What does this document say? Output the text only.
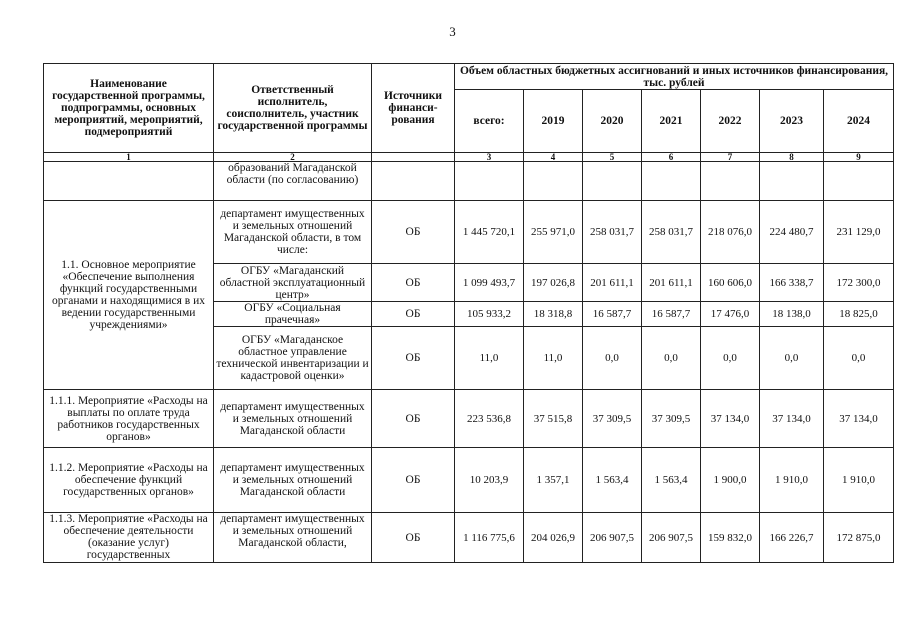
3
Наименование государственной программы, подпрограммы, основных мероприятий, мероприятий, подмероприятий	Ответственный исполнитель, соисполнитель, участник государственной программы	Источники финанси-рования	Объем областных бюджетных ассигнований и иных источников финансирования, тыс. рублей						
			всего:	2019	2020	2021	2022	2023	2024
1	2		3	4	5	6	7	8	9
	образований Магаданской области (по согласованию)								
1.1. Основное мероприятие «Обеспечение выполнения функций государственными органами и находящимися в их ведении государственными учреждениями»	департамент имущественных и земельных отношений Магаданской области, в том числе:	ОБ	1 445 720,1	255 971,0	258 031,7	258 031,7	218 076,0	224 480,7	231 129,0
	ОГБУ «Магаданский областной эксплуатационный центр»	ОБ	1 099 493,7	197 026,8	201 611,1	201 611,1	160 606,0	166 338,7	172 300,0
	ОГБУ «Социальная прачечная»	ОБ	105 933,2	18 318,8	16 587,7	16 587,7	17 476,0	18 138,0	18 825,0
	ОГБУ «Магаданское областное управление технической инвентаризации и кадастровой оценки»	ОБ	11,0	11,0	0,0	0,0	0,0	0,0	0,0
1.1.1. Мероприятие «Расходы на выплаты по оплате труда работников государственных органов»	департамент имущественных и земельных отношений Магаданской области	ОБ	223 536,8	37 515,8	37 309,5	37 309,5	37 134,0	37 134,0	37 134,0
1.1.2. Мероприятие «Расходы на обеспечение функций государственных органов»	департамент имущественных и земельных отношений Магаданской области	ОБ	10 203,9	1 357,1	1 563,4	1 563,4	1 900,0	1 910,0	1 910,0
1.1.3. Мероприятие «Расходы на обеспечение деятельности (оказание услуг) государственных	департамент имущественных и земельных отношений Магаданской области,	ОБ	1 116 775,6	204 026,9	206 907,5	206 907,5	159 832,0	166 226,7	172 875,0
